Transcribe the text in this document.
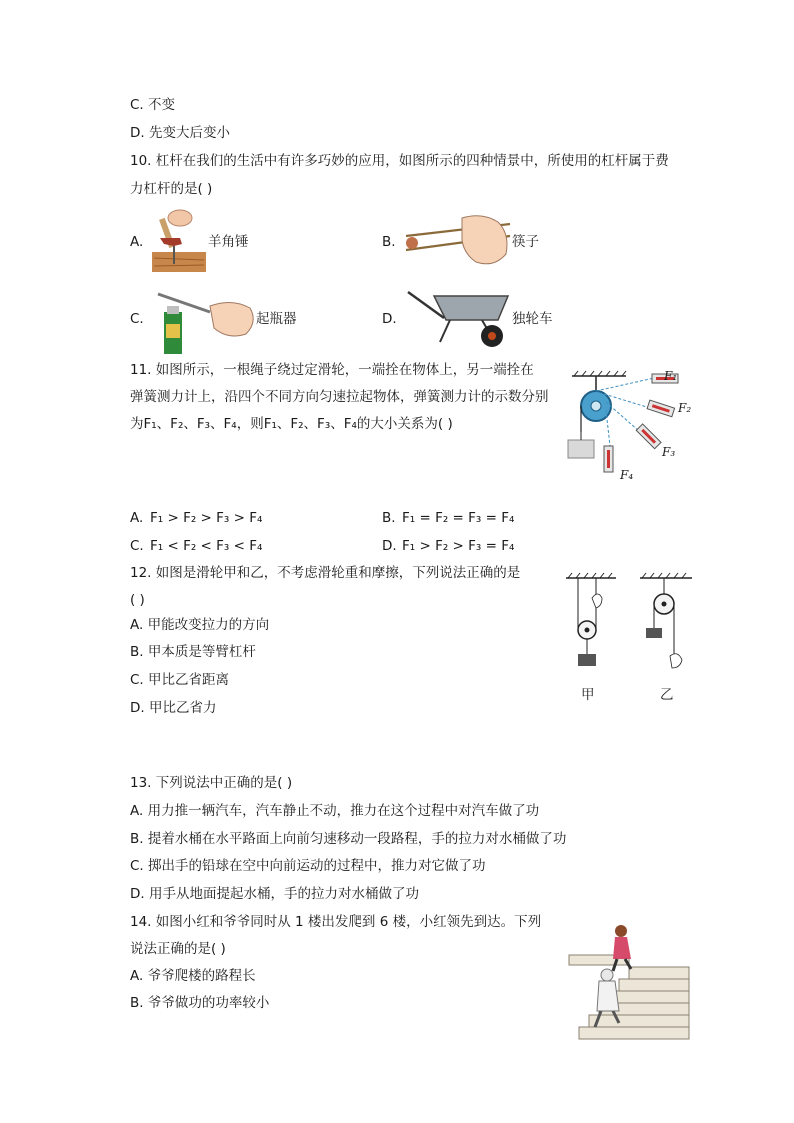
C. 不变
D. 先变大后变小
10. 杠杆在我们的生活中有许多巧妙的应用，如图所示的四种情景中，所使用的杠杆属于费
力杠杆的是( )
A.	羊角锤	B.	筷子
C.	起瓶器	D.	独轮车
11. 如图所示，一根绳子绕过定滑轮，一端拴在物体上，另一端拴在
弹簧测力计上，沿四个不同方向匀速拉起物体，弹簧测力计的示数分别
为F₁、F₂、F₃、F₄，则F₁、F₂、F₃、F₄的大小关系为( )
F₁
F₂
F₃
F₄
A. F₁ > F₂ > F₃ > F₄	B. F₁ = F₂ = F₃ = F₄
C. F₁ < F₂ < F₃ < F₄	D. F₁ > F₂ > F₃ = F₄
12. 如图是滑轮甲和乙，不考虑滑轮重和摩擦，下列说法正确的是
( )
A. 甲能改变拉力的方向
B. 甲本质是等臂杠杆
C. 甲比乙省距离
D. 甲比乙省力
甲	乙
13. 下列说法中正确的是( )
A. 用力推一辆汽车，汽车静止不动，推力在这个过程中对汽车做了功
B. 提着水桶在水平路面上向前匀速移动一段路程，手的拉力对水桶做了功
C. 掷出手的铅球在空中向前运动的过程中，推力对它做了功
D. 用手从地面提起水桶，手的拉力对水桶做了功
14. 如图小红和爷爷同时从 1 楼出发爬到 6 楼，小红领先到达。下列
说法正确的是( )
A. 爷爷爬楼的路程长
B. 爷爷做功的功率较小
